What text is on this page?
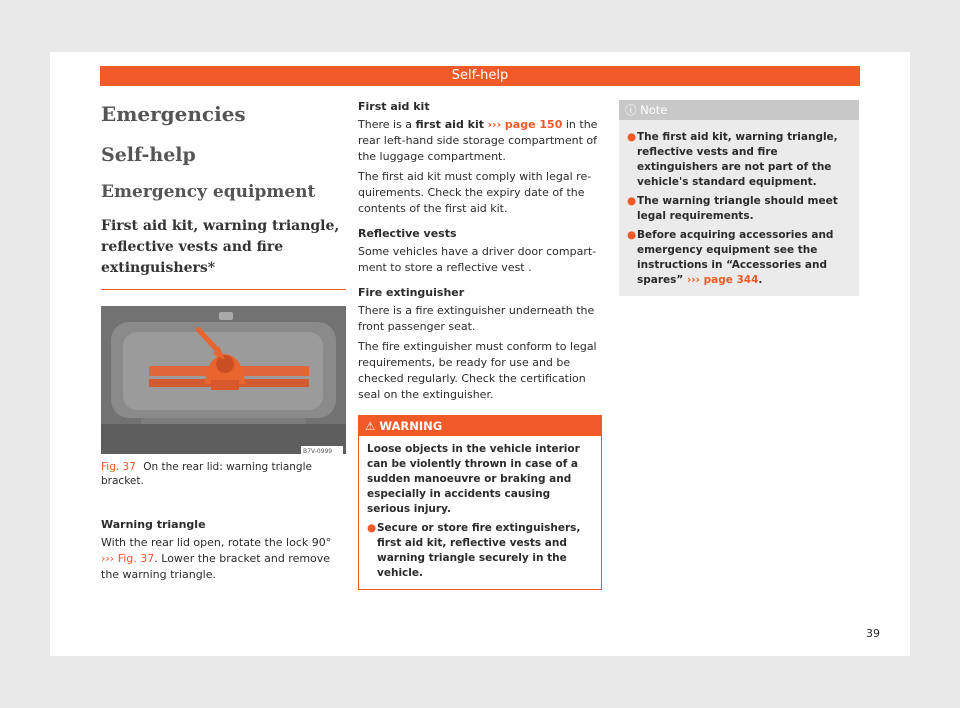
Self-help
Emergencies
Self-help
Emergency equipment
First aid kit, warning triangle, reflective vests and fire extinguishers*
B7V-0999
Fig. 37 On the rear lid: warning triangle bracket.
Warning triangle

With the rear lid open, rotate the lock 90°
››› Fig. 37. Lower the bracket and remove the warning triangle.

First aid kit

There is a first aid kit ››› page 150 in the rear left-hand side storage compartment of the luggage compartment.

The first aid kit must comply with legal requirements. Check the expiry date of the contents of the first aid kit.

Reflective vests

Some vehicles have a driver door compartment to store a reflective vest .

Fire extinguisher

There is a fire extinguisher underneath the front passenger seat.

The fire extinguisher must conform to legal requirements, be ready for use and be checked regularly. Check the certification seal on the extinguisher.

⚠ WARNING
Loose objects in the vehicle interior can be violently thrown in case of a sudden manoeuvre or braking and especially in accidents causing serious injury.
● Secure or store fire extinguishers, first aid kit, reflective vests and warning triangle securely in the vehicle.
ⓘ Note
● The first aid kit, warning triangle, reflective vests and fire extinguishers are not part of the vehicle's standard equipment.
● The warning triangle should meet legal requirements.
● Before acquiring accessories and emergency equipment see the instructions in “Accessories and spares” ››› page 344.
39
